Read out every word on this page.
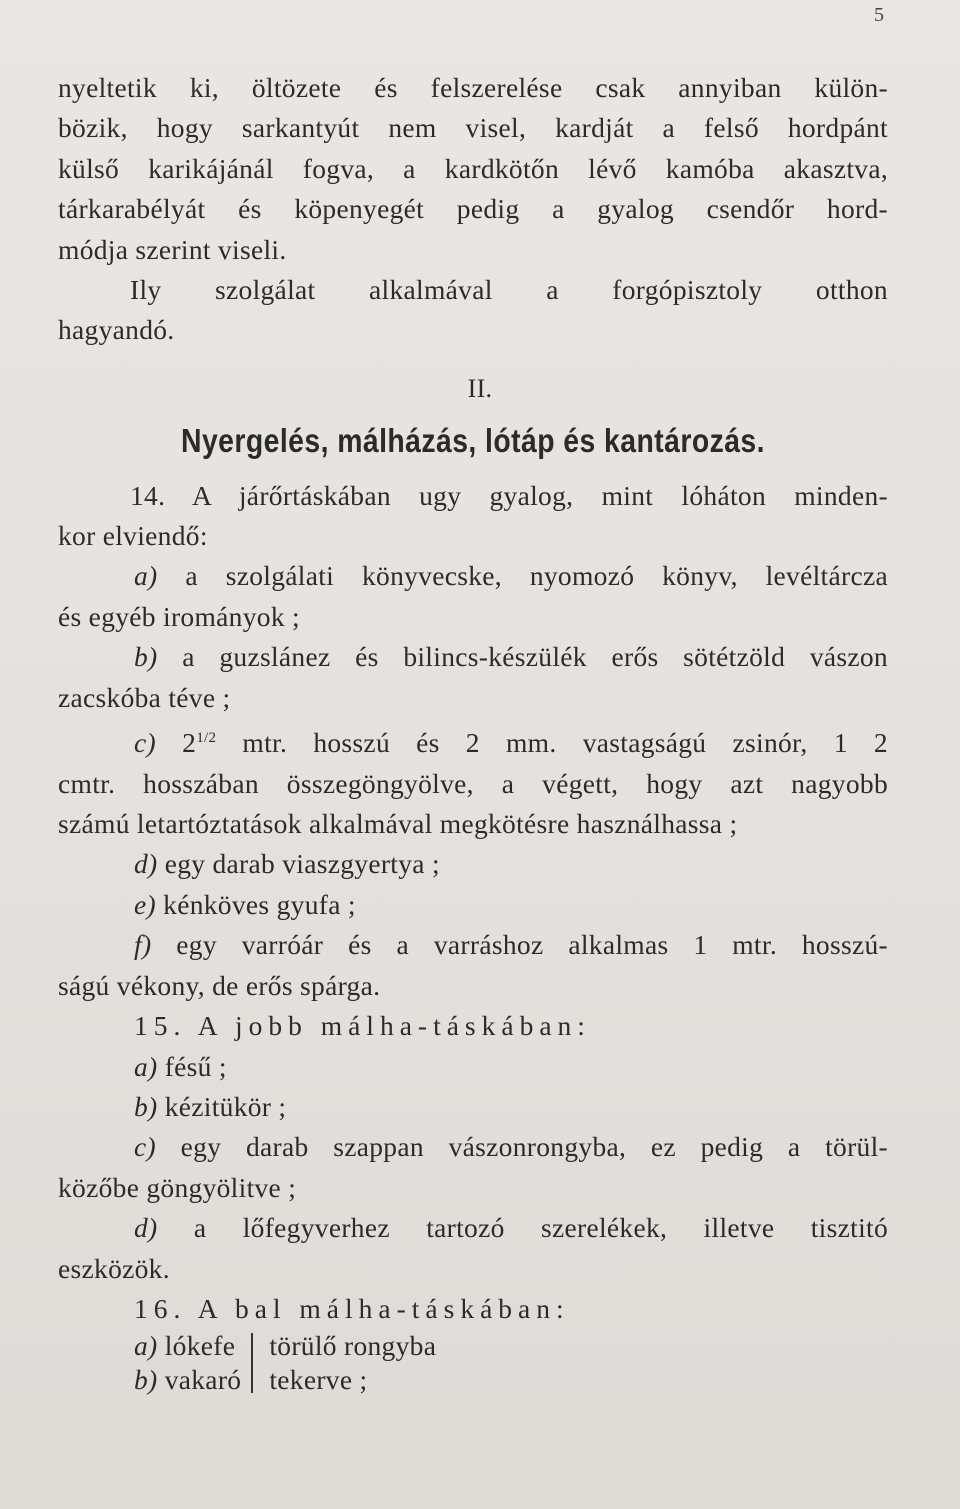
5
nyeltetik ki, öltözete és felszerelése csak annyiban külön-
bözik, hogy sarkantyút nem visel, kardját a felső hordpánt
külső karikájánál fogva, a kardkötőn lévő kamóba akasztva,
tárkarabélyát és köpenyegét pedig a gyalog csendőr hord-
módja szerint viseli.
Ily szolgálat alkalmával a forgópisztoly otthon
hagyandó.
II.
Nyergelés, málházás, lótáp és kantározás.
14. A járőrtáskában ugy gyalog, mint lóháton minden-
kor elviendő:
a) a szolgálati könyvecske, nyomozó könyv, levéltárcza
és egyéb irományok ;
b) a guzslánez és bilincs-készülék erős sötétzöld vászon
zacskóba téve ;
c) $2^{1/2}$ mtr. hosszú és 2 mm. vastagságú zsinór, 1 2
cmtr. hosszában összegöngyölve, a végett, hogy azt nagyobb
számú letartóztatások alkalmával megkötésre használhassa ;
d) egy darab viaszgyertya ;
e) kénköves gyufa ;
f) egy varróár és a varráshoz alkalmas 1 mtr. hosszú-
ságú vékony, de erős spárga.
15. A jobb málha-táskában:
a) fésű ;
b) kézitükör ;
c) egy darab szappan vászonrongyba, ez pedig a törül-
közőbe göngyölitve ;
d) a lőfegyverhez tartozó szerelékek, illetve tisztitó
eszközök.
16. A bal málha-táskában:
a) lókefe
b) vakaró
törülő rongyba
tekerve ;
